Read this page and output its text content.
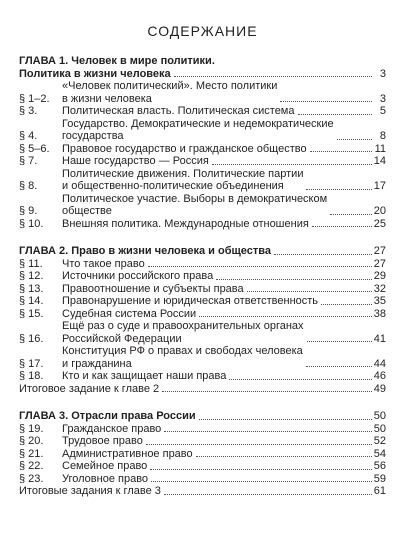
СОДЕРЖАНИЕ
ГЛАВА 1. Человек в мире политики.
Политика в жизни человека	3
§ 1–2.
«Человек политический». Место политики
в жизни человека	3
§ 3.	Политическая власть. Политическая система	5
§ 4.
Государство. Демократические и недемократические
государства	8
§ 5–6.	Правовое государство и гражданское общество	11
§ 7.	Наше государство — Россия	14
§ 8.
Политические движения. Политические партии
и общественно-политические объединения	17
§ 9.
Политическое участие. Выборы в демократическом
обществе	20
§ 10.	Внешняя политика. Международные отношения	25
ГЛАВА 2. Право в жизни человека и общества	27
§ 11.	Что такое право	27
§ 12.	Источники российского права	29
§ 13.	Правоотношение и субъекты права	32
§ 14.	Правонарушение и юридическая ответственность	35
§ 15.	Судебная система России	38
§ 16.
Ещё раз о суде и правоохранительных органах
Российской Федерации	41
§ 17.
Конституция РФ о правах и свободах человека
и гражданина	44
§ 18.	Кто и как защищает наши права	46
Итоговое задание к главе 2	49
ГЛАВА 3. Отрасли права России	50
§ 19.	Гражданское право	50
§ 20.	Трудовое право	52
§ 21.	Административное право	54
§ 22.	Семейное право	56
§ 23.	Уголовное право	59
Итоговые задания к главе 3	61
